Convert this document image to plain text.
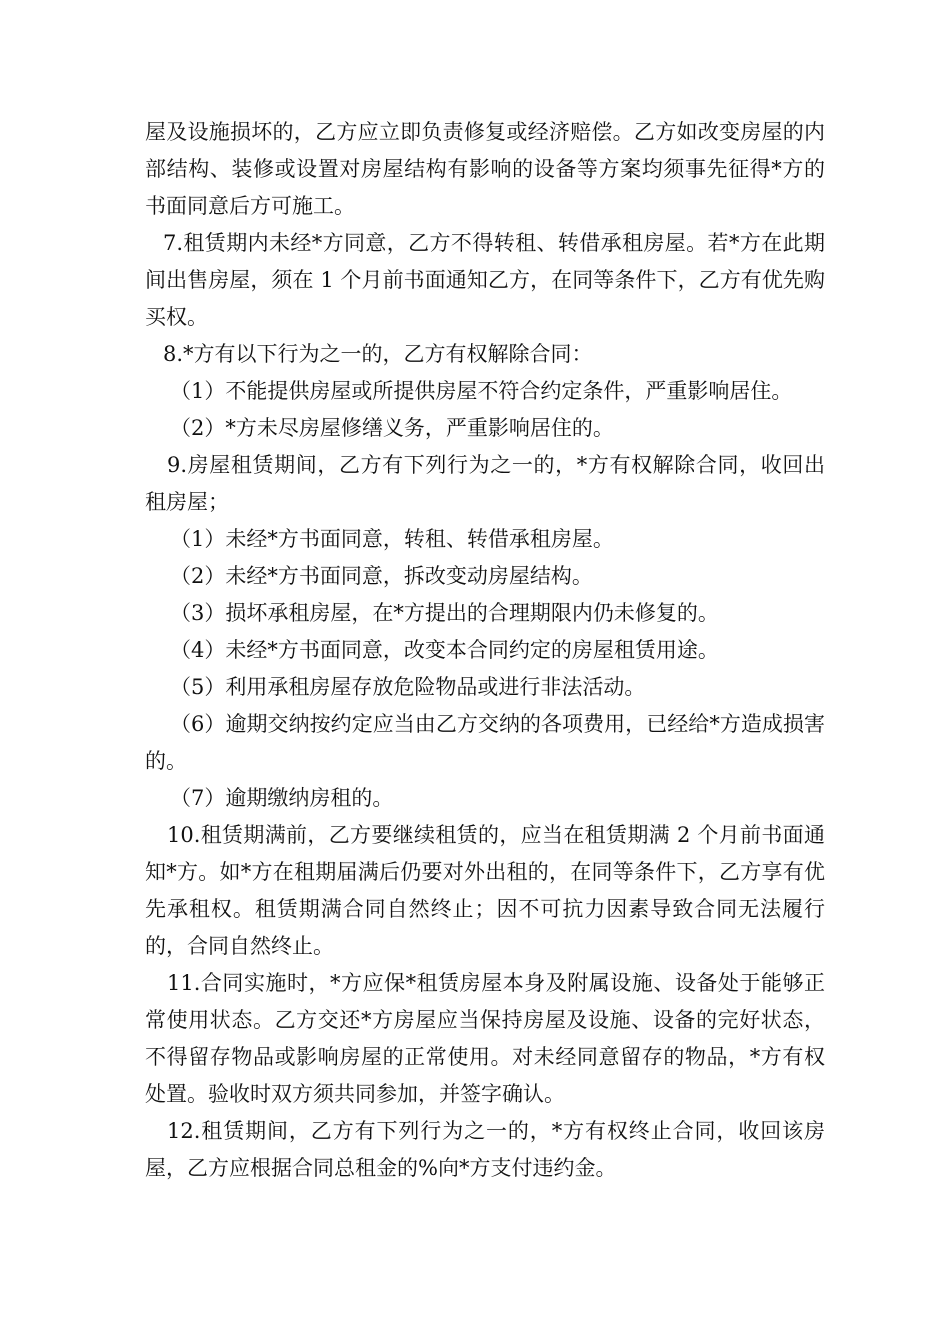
屋及设施损坏的，乙方应立即负责修复或经济赔偿。乙方如改变房屋的内部结构、装修或设置对房屋结构有影响的设备等方案均须事先征得*方的书面同意后方可施工。

7.租赁期内未经*方同意，乙方不得转租、转借承租房屋。若*方在此期间出售房屋，须在 1 个月前书面通知乙方，在同等条件下，乙方有优先购买权。

8.*方有以下行为之一的，乙方有权解除合同：

（1）不能提供房屋或所提供房屋不符合约定条件，严重影响居住。

（2）*方未尽房屋修缮义务，严重影响居住的。

9.房屋租赁期间，乙方有下列行为之一的，*方有权解除合同，收回出租房屋；

（1）未经*方书面同意，转租、转借承租房屋。

（2）未经*方书面同意，拆改变动房屋结构。

（3）损坏承租房屋，在*方提出的合理期限内仍未修复的。

（4）未经*方书面同意，改变本合同约定的房屋租赁用途。

（5）利用承租房屋存放危险物品或进行非法活动。

（6）逾期交纳按约定应当由乙方交纳的各项费用，已经给*方造成损害的。

（7）逾期缴纳房租的。

10.租赁期满前，乙方要继续租赁的，应当在租赁期满 2 个月前书面通知*方。如*方在租期届满后仍要对外出租的，在同等条件下，乙方享有优先承租权。租赁期满合同自然终止；因不可抗力因素导致合同无法履行的，合同自然终止。

11.合同实施时，*方应保*租赁房屋本身及附属设施、设备处于能够正常使用状态。乙方交还*方房屋应当保持房屋及设施、设备的完好状态，不得留存物品或影响房屋的正常使用。对未经同意留存的物品，*方有权处置。验收时双方须共同参加，并签字确认。

12.租赁期间，乙方有下列行为之一的，*方有权终止合同，收回该房屋，乙方应根据合同总租金的%向*方支付违约金。
